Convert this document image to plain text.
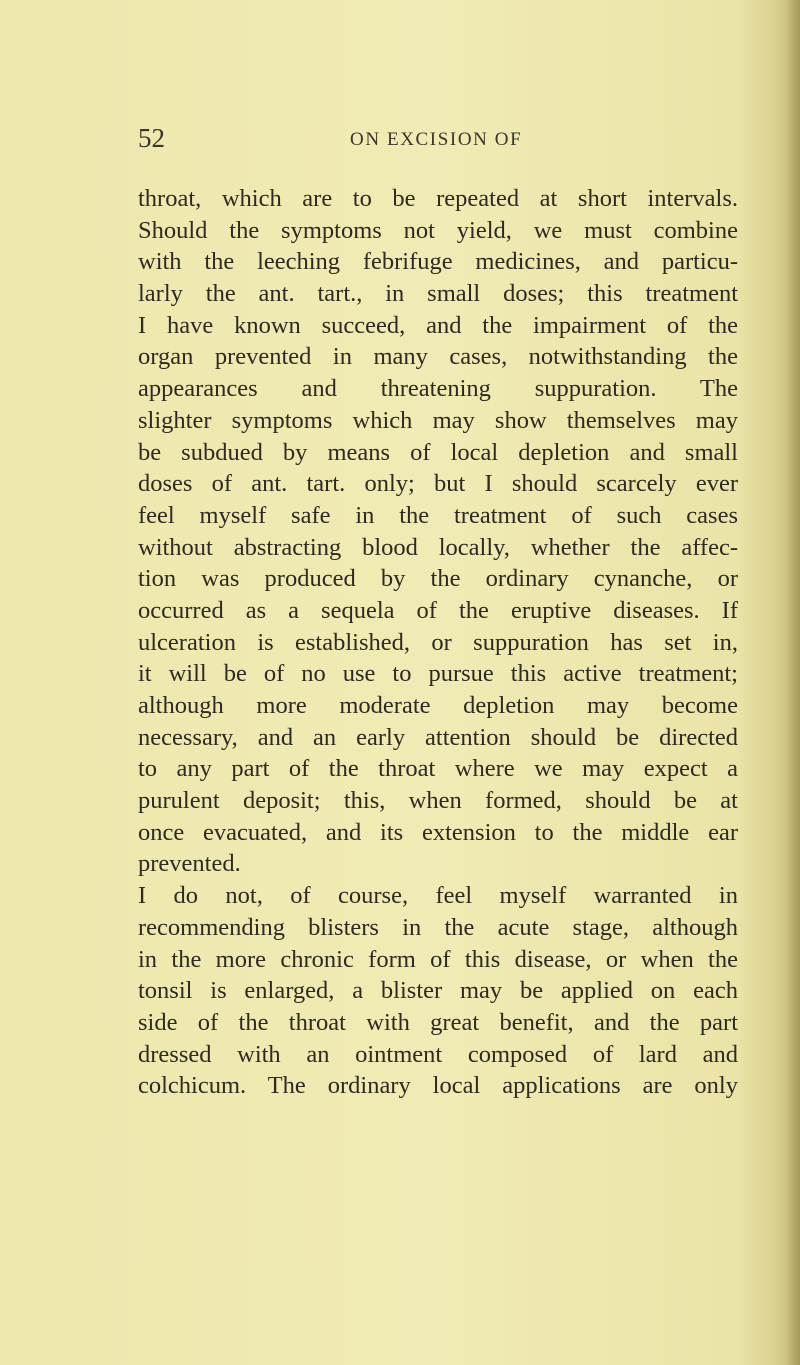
52	ON EXCISION OF
throat, which are to be repeated at short intervals.
Should the symptoms not yield, we must combine
with the leeching febrifuge medicines, and particu-
larly the ant. tart., in small doses; this treatment
I have known succeed, and the impairment of the
organ prevented in many cases, notwithstanding the
appearances and threatening suppuration. The
slighter symptoms which may show themselves may
be subdued by means of local depletion and small
doses of ant. tart. only; but I should scarcely ever
feel myself safe in the treatment of such cases
without abstracting blood locally, whether the affec-
tion was produced by the ordinary cynanche, or
occurred as a sequela of the eruptive diseases. If
ulceration is established, or suppuration has set in,
it will be of no use to pursue this active treatment;
although more moderate depletion may become
necessary, and an early attention should be directed
to any part of the throat where we may expect a
purulent deposit; this, when formed, should be at
once evacuated, and its extension to the middle ear
prevented.
I do not, of course, feel myself warranted in
recommending blisters in the acute stage, although
in the more chronic form of this disease, or when the
tonsil is enlarged, a blister may be applied on each
side of the throat with great benefit, and the part
dressed with an ointment composed of lard and
colchicum. The ordinary local applications are only
